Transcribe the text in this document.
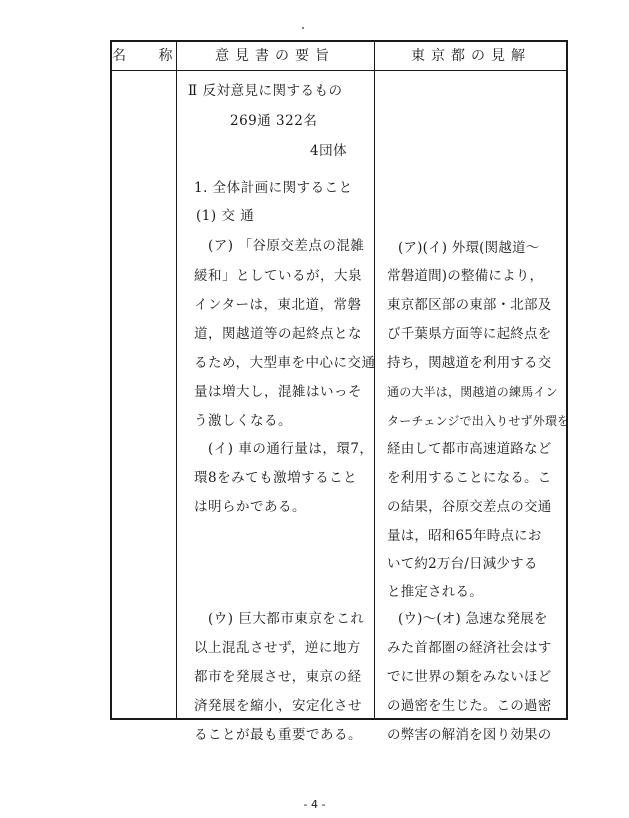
名 称	意見書の要旨	東京都の見解
Ⅱ 反対意見に関するもの
269通 322名
4団体
1. 全体計画に関すること
(1) 交 通
(ア) 「谷原交差点の混雑
緩和」としているが，大泉
インターは，東北道，常磐
道，関越道等の起終点とな
るため，大型車を中心に交通
量は増大し，混雑はいっそ
う激しくなる。
(イ) 車の通行量は，環7，
環8をみても激増すること
は明らかである。
(ウ) 巨大都市東京をこれ
以上混乱させず，逆に地方
都市を発展させ，東京の経
済発展を縮小，安定化させ
ることが最も重要である。
(ア)(イ) 外環(関越道〜
常磐道間)の整備により，
東京都区部の東部・北部及
び千葉県方面等に起終点を
持ち，関越道を利用する交
通の大半は，関越道の練馬イン
ターチェンジで出入りせず外環を
経由して都市高速道路など
を利用することになる。こ
の結果，谷原交差点の交通
量は，昭和65年時点にお
いて約2万台/日減少する
と推定される。
(ウ)〜(オ) 急速な発展を
みた首都圏の経済社会はす
でに世界の類をみないほど
の過密を生じた。この過密
の弊害の解消を図り効果の
- 4 -
